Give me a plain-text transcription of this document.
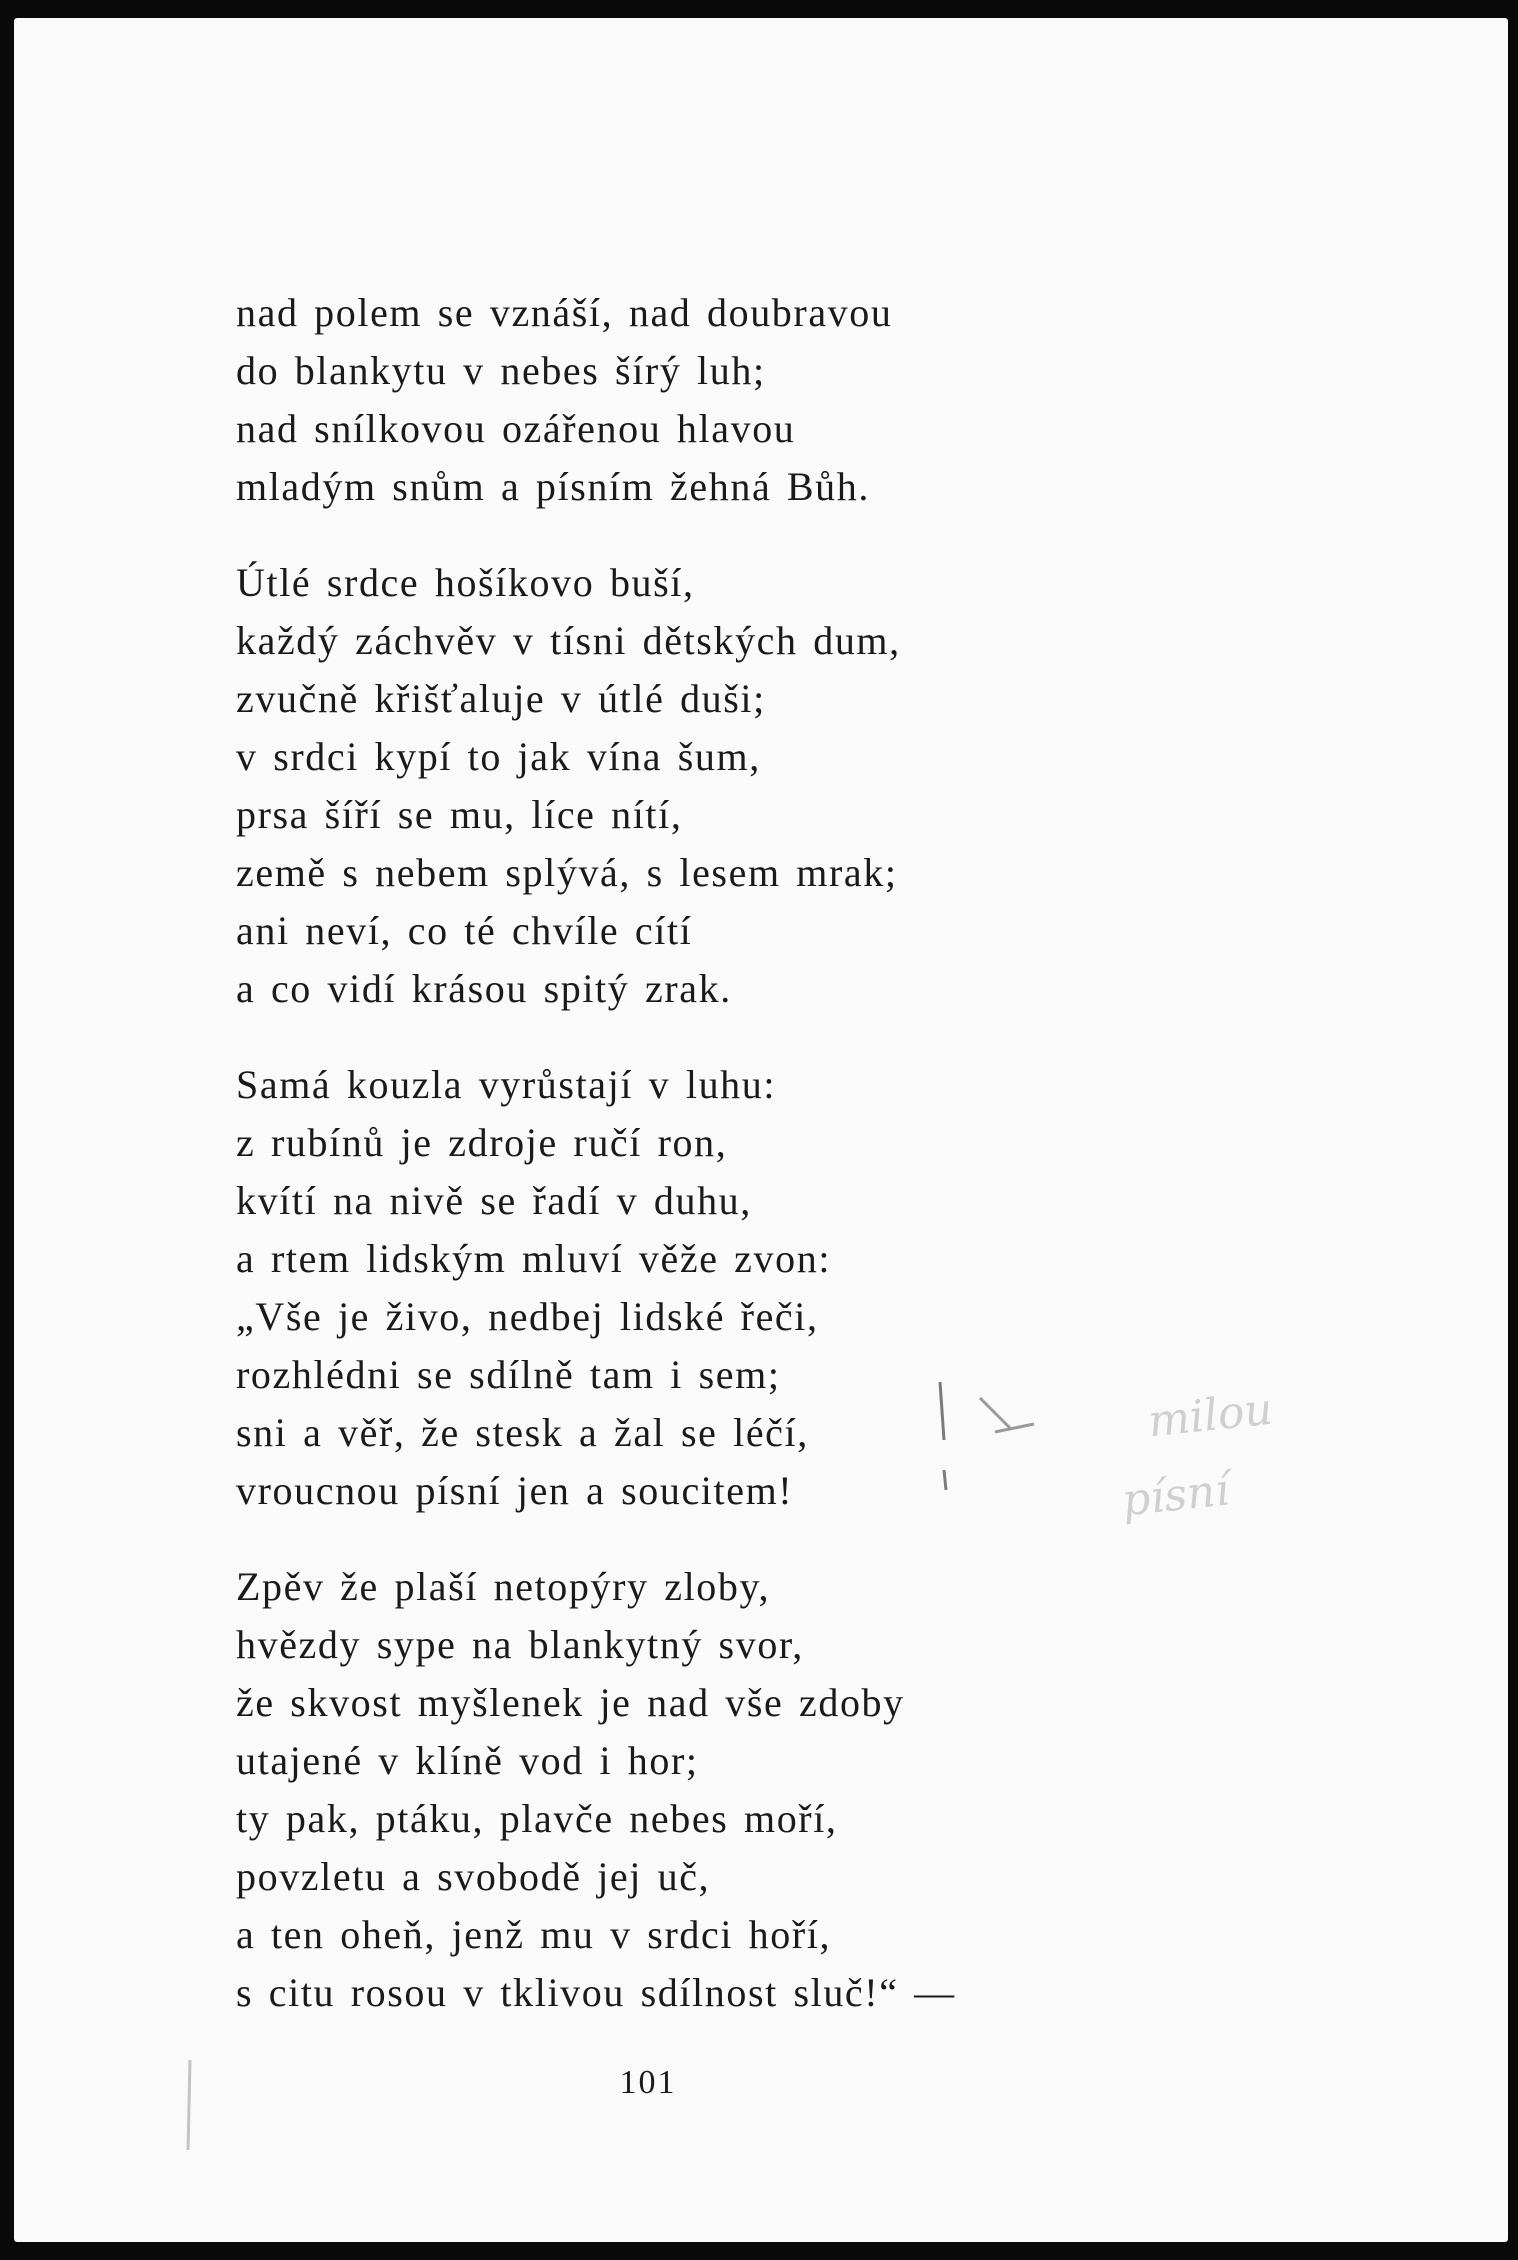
nad polem se vznáší, nad doubravou
do blankytu v nebes šírý luh;
nad snílkovou ozářenou hlavou
mladým snům a písním žehná Bůh.
Útlé srdce hošíkovo buší,
každý záchvěv v tísni dětských dum,
zvučně křišťaluje v útlé duši;
v srdci kypí to jak vína šum,
prsa šíří se mu, líce nítí,
země s nebem splývá, s lesem mrak;
ani neví, co té chvíle cítí
a co vidí krásou spitý zrak.
Samá kouzla vyrůstají v luhu:
z rubínů je zdroje ručí ron,
kvítí na nivě se řadí v duhu,
a rtem lidským mluví věže zvon:
„Vše je živo, nedbej lidské řeči,
rozhlédni se sdílně tam i sem;
sni a věř, že stesk a žal se léčí,
vroucnou písní jen a soucitem!
Zpěv že plaší netopýry zloby,
hvězdy sype na blankytný svor,
že skvost myšlenek je nad vše zdoby
utajené v klíně vod i hor;
ty pak, ptáku, plavče nebes moří,
povzletu a svobodě jej uč,
a ten oheň, jenž mu v srdci hoří,
s citu rosou v tklivou sdílnost sluč!“ —
milou
písní
101
